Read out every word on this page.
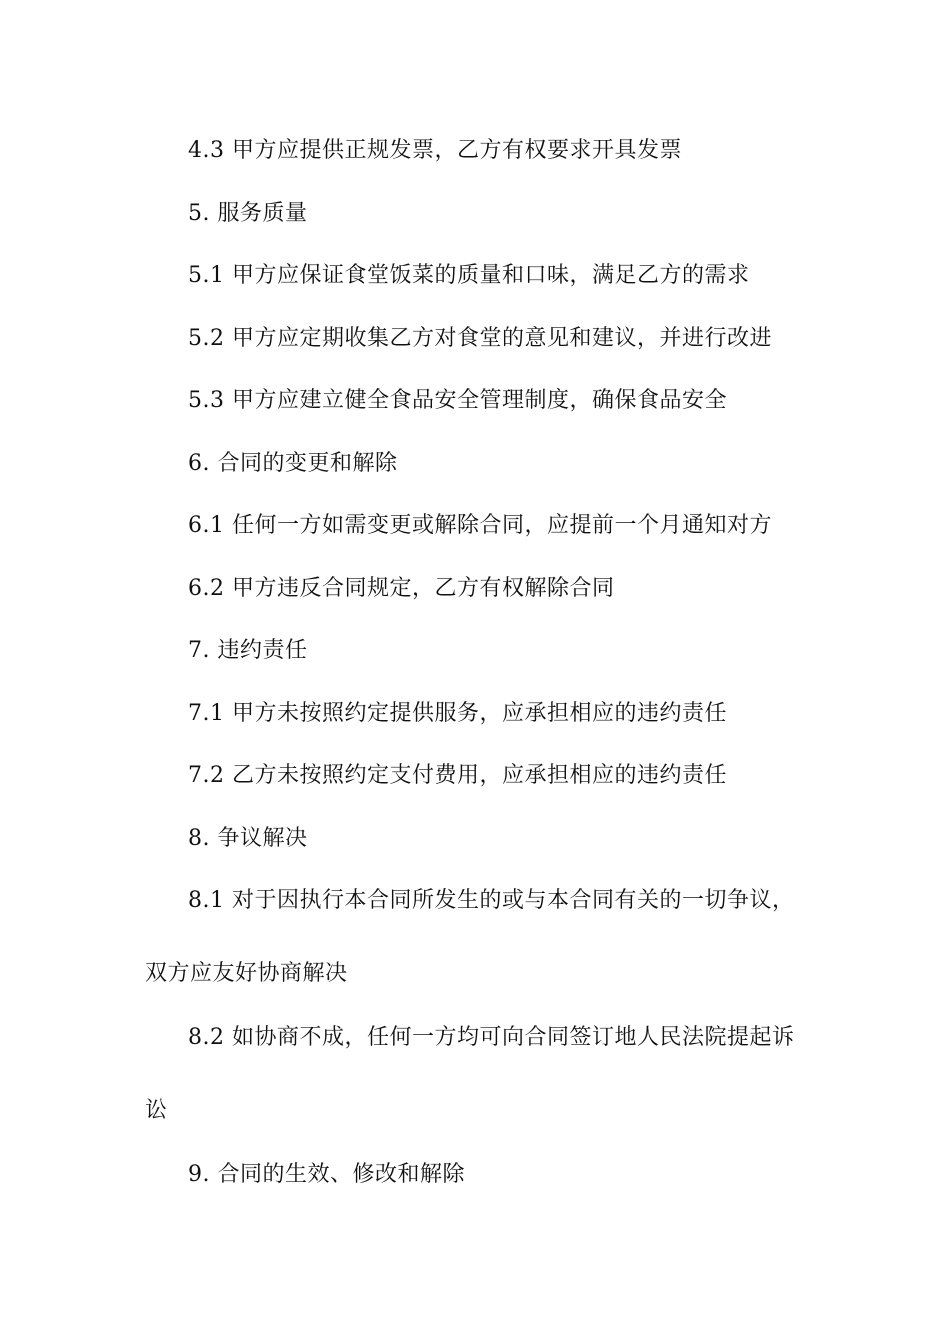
4.3 甲方应提供正规发票，乙方有权要求开具发票
5. 服务质量
5.1 甲方应保证食堂饭菜的质量和口味，满足乙方的需求
5.2 甲方应定期收集乙方对食堂的意见和建议，并进行改进
5.3 甲方应建立健全食品安全管理制度，确保食品安全
6. 合同的变更和解除
6.1 任何一方如需变更或解除合同，应提前一个月通知对方
6.2 甲方违反合同规定，乙方有权解除合同
7. 违约责任
7.1 甲方未按照约定提供服务，应承担相应的违约责任
7.2 乙方未按照约定支付费用，应承担相应的违约责任
8. 争议解决
8.1 对于因执行本合同所发生的或与本合同有关的一切争议，
双方应友好协商解决
8.2 如协商不成，任何一方均可向合同签订地人民法院提起诉
讼
9. 合同的生效、修改和解除
